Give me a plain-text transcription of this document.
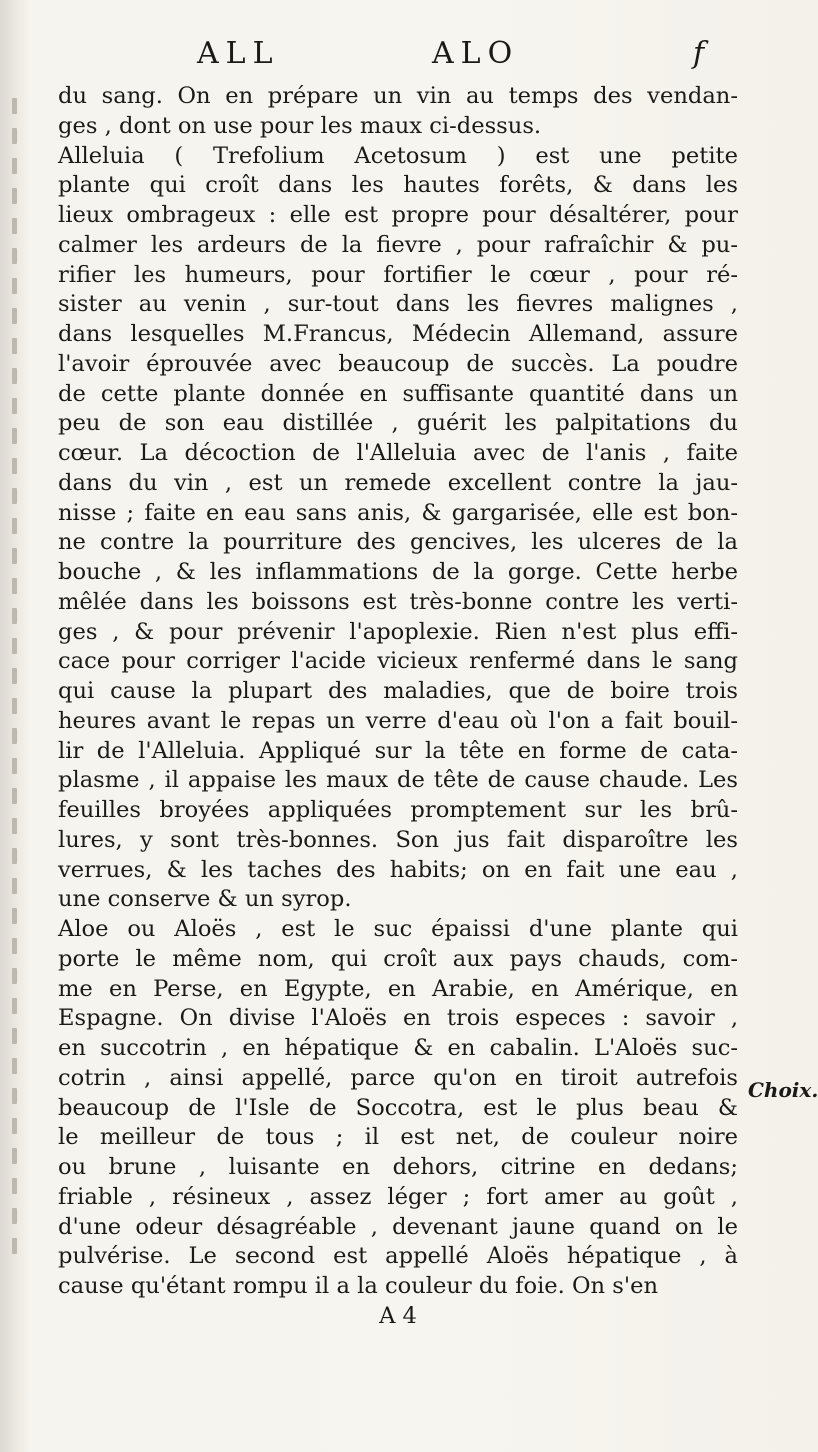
ALL	ALO	f
du sang. On en prépare un vin au temps des vendan-
ges , dont on use pour les maux ci-dessus.
Alleluia ( Trefolium Acetosum ) est une petite
plante qui croît dans les hautes forêts, & dans les
lieux ombrageux : elle est propre pour désaltérer, pour
calmer les ardeurs de la fievre , pour rafraîchir & pu-
rifier les humeurs, pour fortifier le cœur , pour ré-
sister au venin , sur-tout dans les fievres malignes ,
dans lesquelles M.Francus, Médecin Allemand, assure
l'avoir éprouvée avec beaucoup de succès. La poudre
de cette plante donnée en suffisante quantité dans un
peu de son eau distillée , guérit les palpitations du
cœur. La décoction de l'Alleluia avec de l'anis , faite
dans du vin , est un remede excellent contre la jau-
nisse ; faite en eau sans anis, & gargarisée, elle est bon-
ne contre la pourriture des gencives, les ulceres de la
bouche , & les inflammations de la gorge. Cette herbe
mêlée dans les boissons est très-bonne contre les verti-
ges , & pour prévenir l'apoplexie. Rien n'est plus effi-
cace pour corriger l'acide vicieux renfermé dans le sang
qui cause la plupart des maladies, que de boire trois
heures avant le repas un verre d'eau où l'on a fait bouil-
lir de l'Alleluia. Appliqué sur la tête en forme de cata-
plasme , il appaise les maux de tête de cause chaude. Les
feuilles broyées appliquées promptement sur les brû-
lures, y sont très-bonnes. Son jus fait disparoître les
verrues, & les taches des habits; on en fait une eau ,
une conserve & un syrop.
Aloe ou Aloës , est le suc épaissi d'une plante qui
porte le même nom, qui croît aux pays chauds, com-
me en Perse, en Egypte, en Arabie, en Amérique, en
Espagne. On divise l'Aloës en trois especes : savoir ,
en succotrin , en hépatique & en cabalin. L'Aloës suc-
cotrin , ainsi appellé, parce qu'on en tiroit autrefois
beaucoup de l'Isle de Soccotra, est le plus beau &
le meilleur de tous ; il est net, de couleur noire
ou brune , luisante en dehors, citrine en dedans;
friable , résineux , assez léger ; fort amer au goût ,
d'une odeur désagréable , devenant jaune quand on le
pulvérise. Le second est appellé Aloës hépatique , à
cause qu'étant rompu il a la couleur du foie. On s'en
A 4
Choix.
